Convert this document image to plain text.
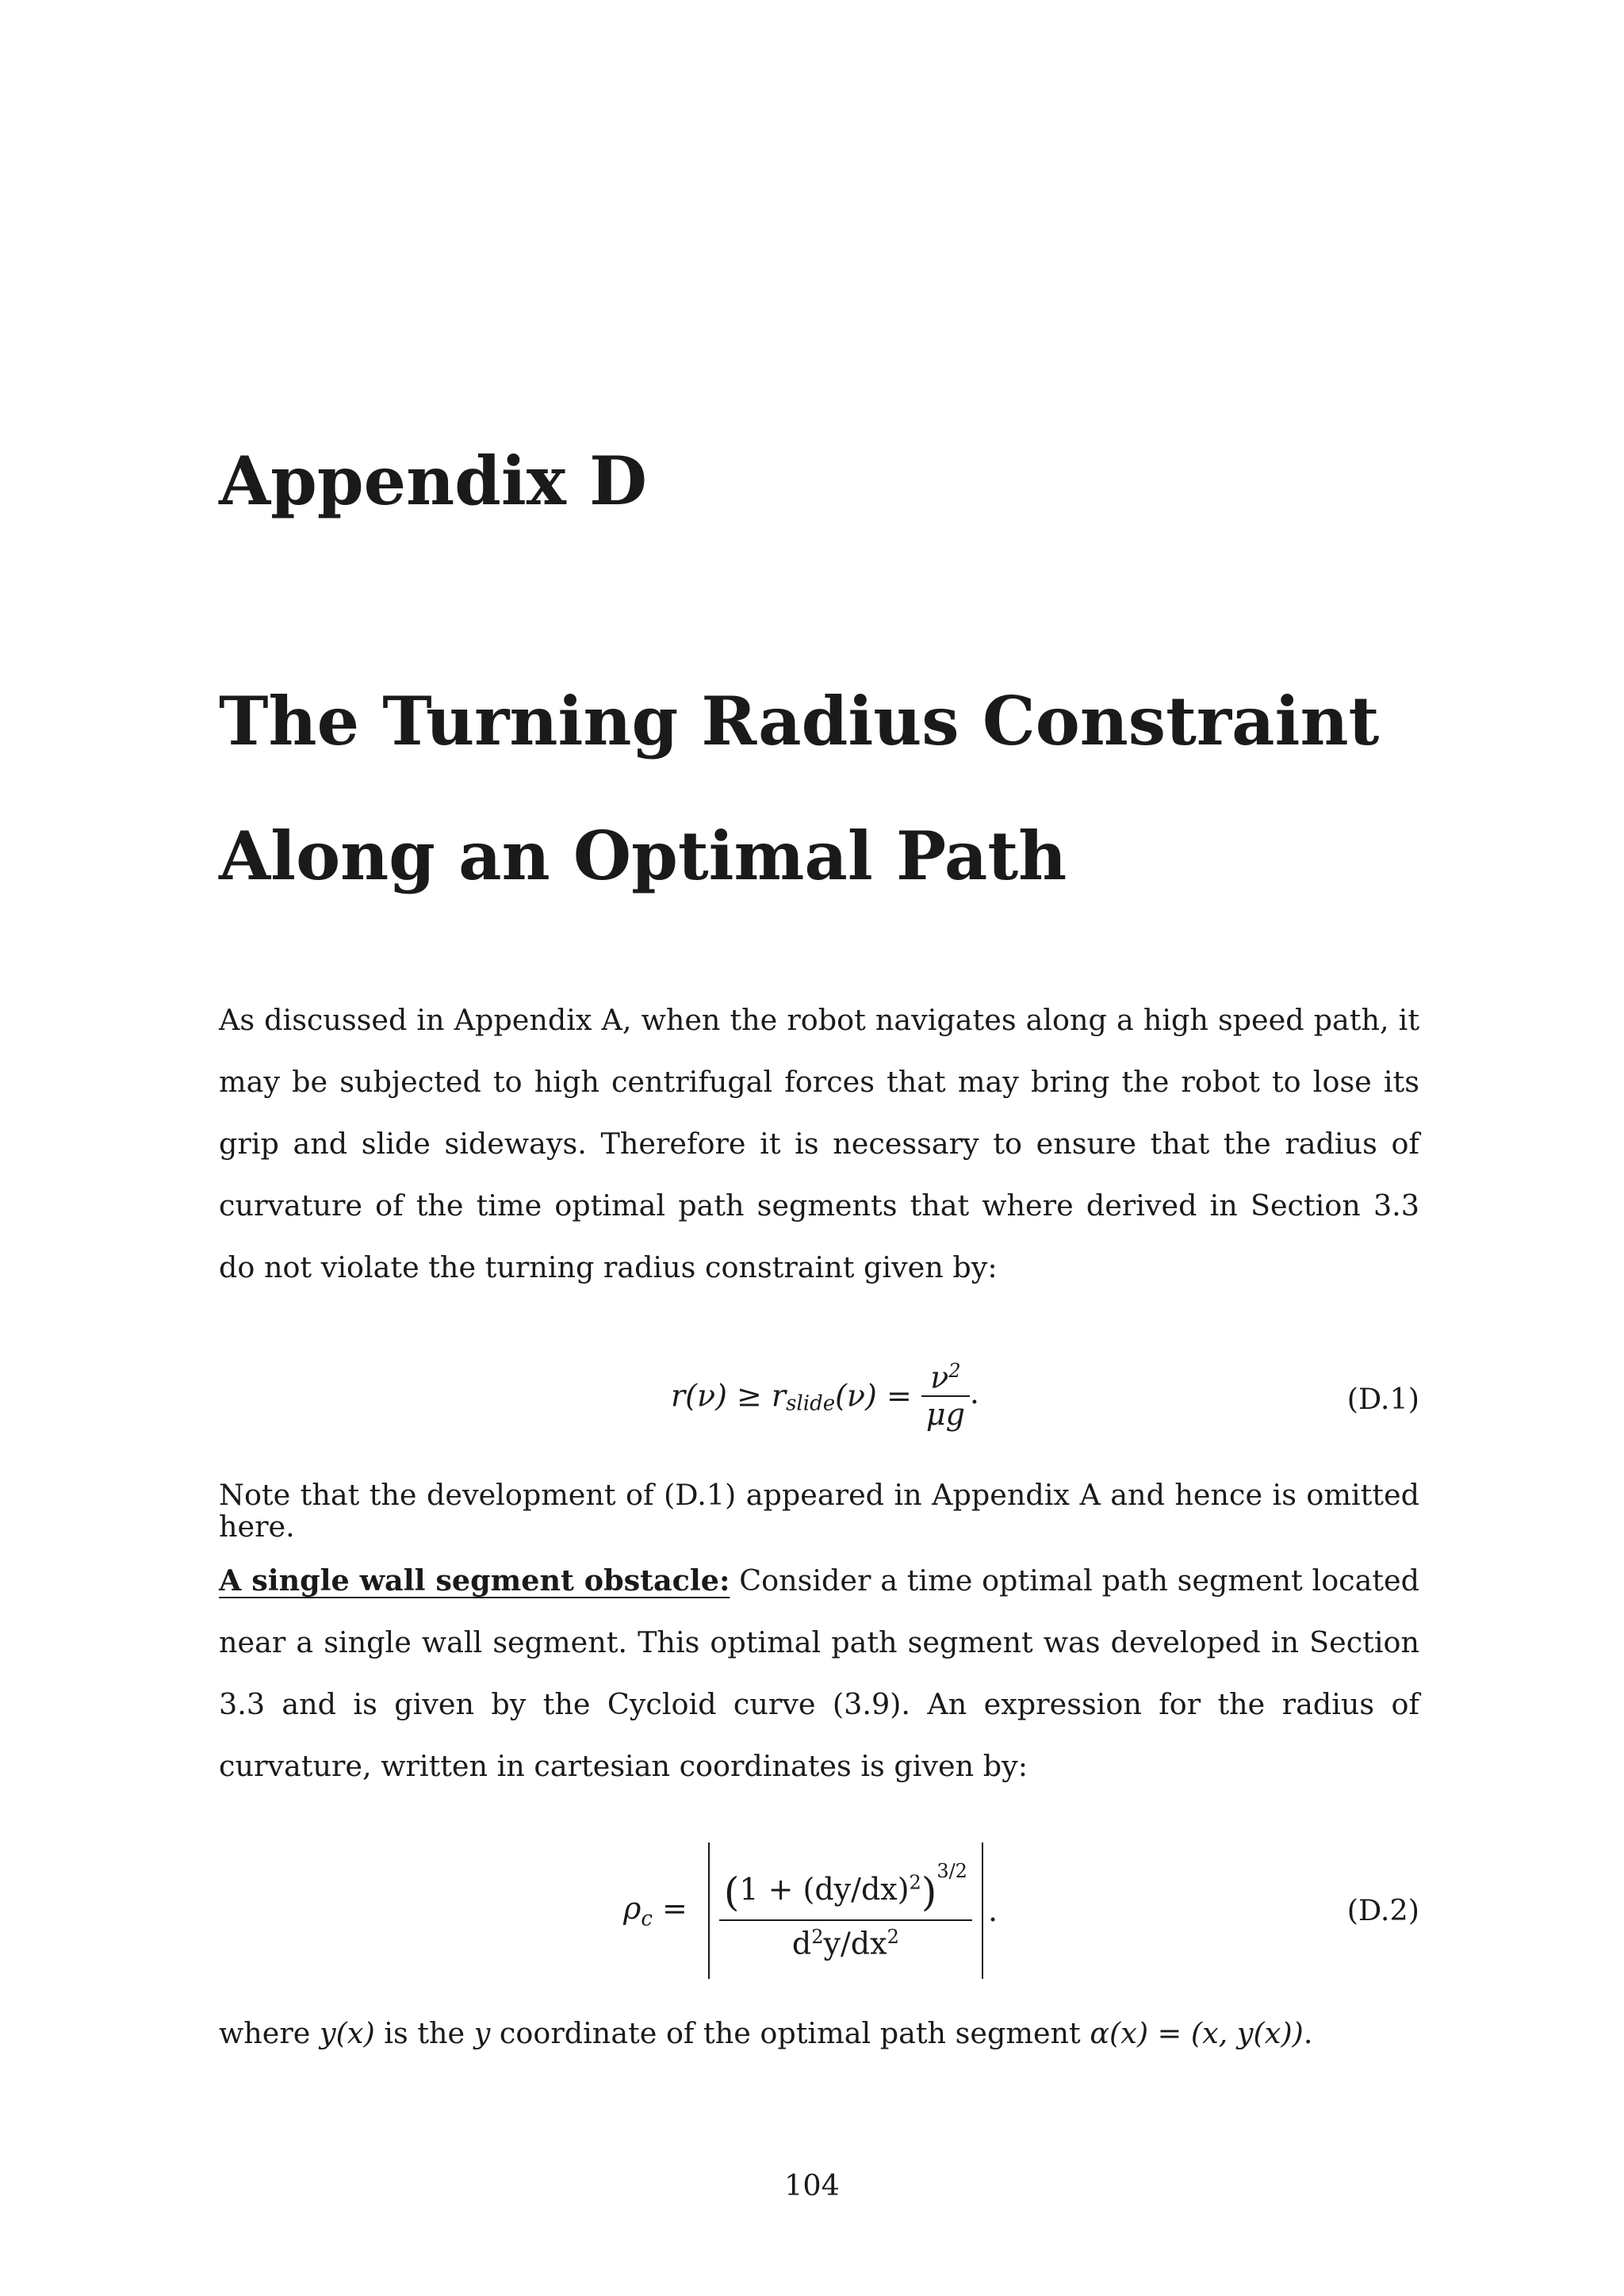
Appendix D
The Turning Radius Constraint
Along an Optimal Path

As discussed in Appendix A, when the robot navigates along a high speed path, it may be subjected to high centrifugal forces that may bring the robot to lose its grip and slide sideways. Therefore it is necessary to ensure that the radius of curvature of the time optimal path segments that where derived in Section 3.3 do not violate the turning radius constraint given by:

$r(\nu) \ge r_{slide}(\nu) = \frac{\nu^2}{\mu g}$ .	(D.1)

Note that the development of (D.1) appeared in Appendix A and hence is omitted here.

A single wall segment obstacle: Consider a time optimal path segment located near a single wall segment. This optimal path segment was developed in Section 3.3 and is given by the Cycloid curve (3.9). An expression for the radius of curvature, written in cartesian coordinates is given by:

$\rho_c = \frac{(1 + (dy/dx)^2)^{3/2}}{d^2y/dx^2}$ .	(D.2)

where y(x) is the y coordinate of the optimal path segment α(x) = (x, y(x)).

104
